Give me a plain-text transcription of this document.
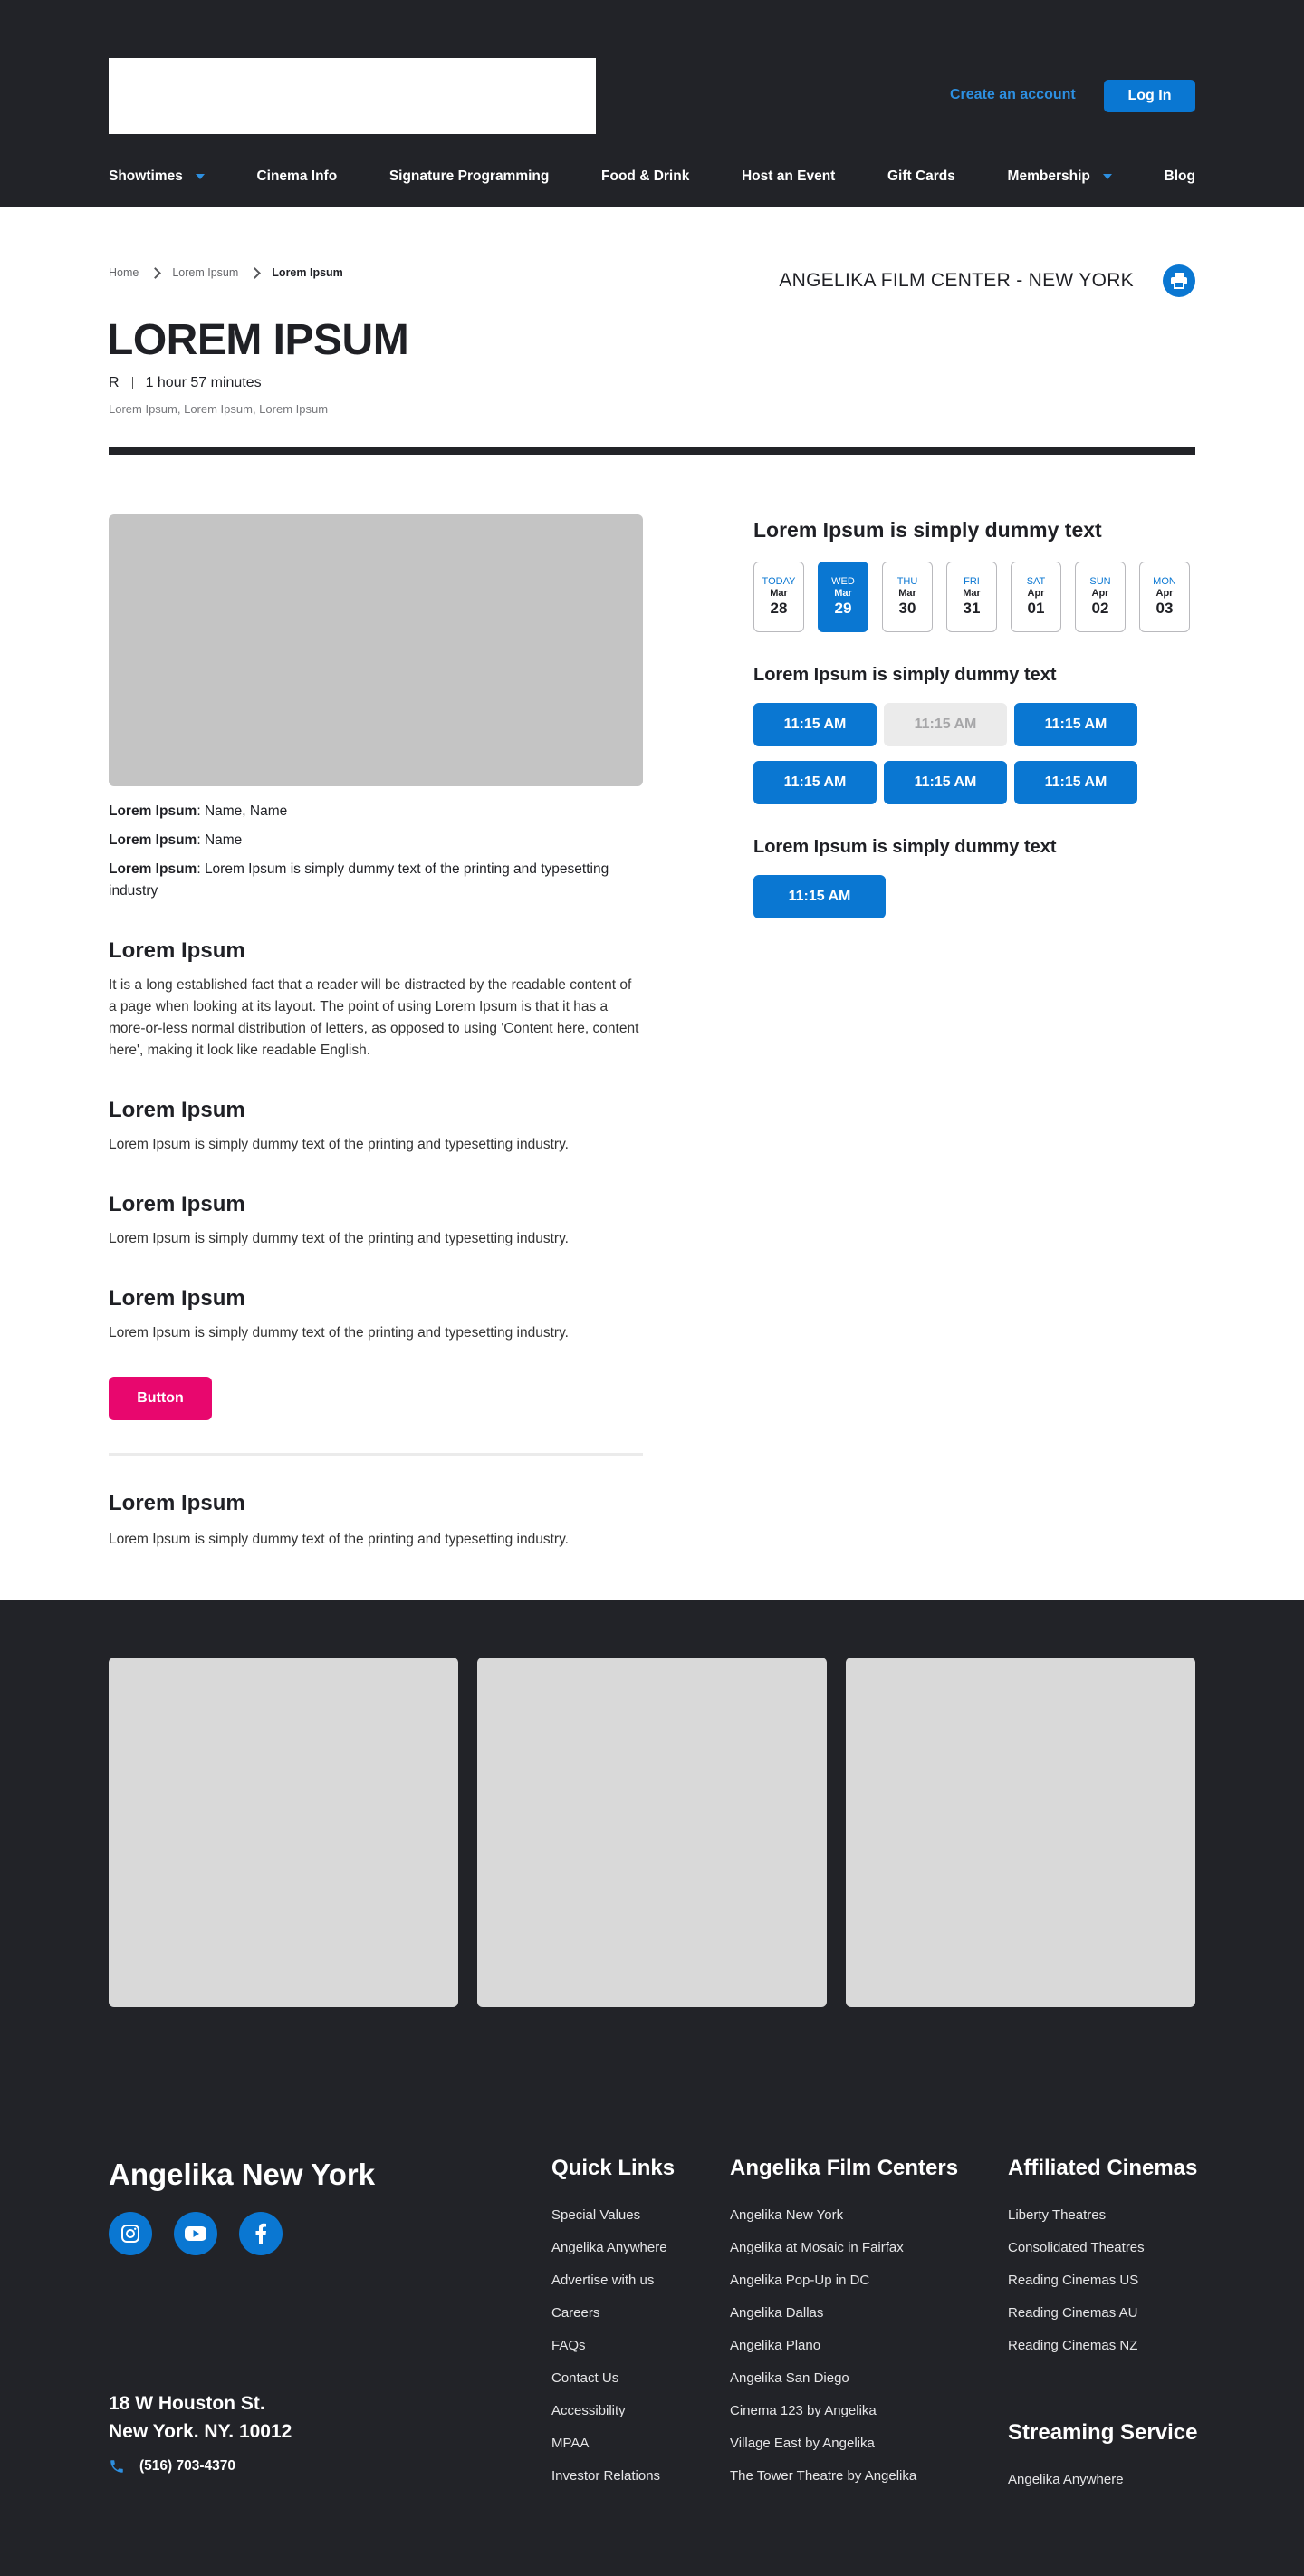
Create an account	Log In
Showtimes	Cinema Info	Signature Programming	Food & Drink	Host an Event	Gift Cards	Membership	Blog
Home	Lorem Ipsum	Lorem Ipsum	ANGELIKA FILM CENTER - NEW YORK
LOREM IPSUM
R 1 hour 57 minutes
Lorem Ipsum, Lorem Ipsum, Lorem Ipsum
Lorem Ipsum: Name, Name
Lorem Ipsum: Name
Lorem Ipsum: Lorem Ipsum is simply dummy text of the printing and typesetting industry
Lorem Ipsum

It is a long established fact that a reader will be distracted by the readable content of a page when looking at its layout. The point of using Lorem Ipsum is that it has a more-or-less normal distribution of letters, as opposed to using 'Content here, content here', making it look like readable English.

Lorem Ipsum

Lorem Ipsum is simply dummy text of the printing and typesetting industry.

Lorem Ipsum

Lorem Ipsum is simply dummy text of the printing and typesetting industry.

Lorem Ipsum

Lorem Ipsum is simply dummy text of the printing and typesetting industry.

Button
Lorem Ipsum

Lorem Ipsum is simply dummy text of the printing and typesetting industry.

Lorem Ipsum is simply dummy text
TODAY
Mar
28
WED
Mar
29
THU
Mar
30
FRI
Mar
31
SAT
Apr
01
SUN
Apr
02
MON
Apr
03
Lorem Ipsum is simply dummy text
11:15 AM	11:15 AM	11:15 AM
11:15 AM	11:15 AM	11:15 AM
Lorem Ipsum is simply dummy text
11:15 AM
Angelika New York
18 W Houston St.
New York. NY. 10012
(516) 703-4370
Quick Links
Special Values
Angelika Anywhere
Advertise with us
Careers
FAQs
Contact Us
Accessibility
MPAA
Investor Relations
Angelika Film Centers
Angelika New York
Angelika at Mosaic in Fairfax
Angelika Pop-Up in DC
Angelika Dallas
Angelika Plano
Angelika San Diego
Cinema 123 by Angelika
Village East by Angelika
The Tower Theatre by Angelika
Affiliated Cinemas
Liberty Theatres
Consolidated Theatres
Reading Cinemas US
Reading Cinemas AU
Reading Cinemas NZ
Streaming Service
Angelika Anywhere
